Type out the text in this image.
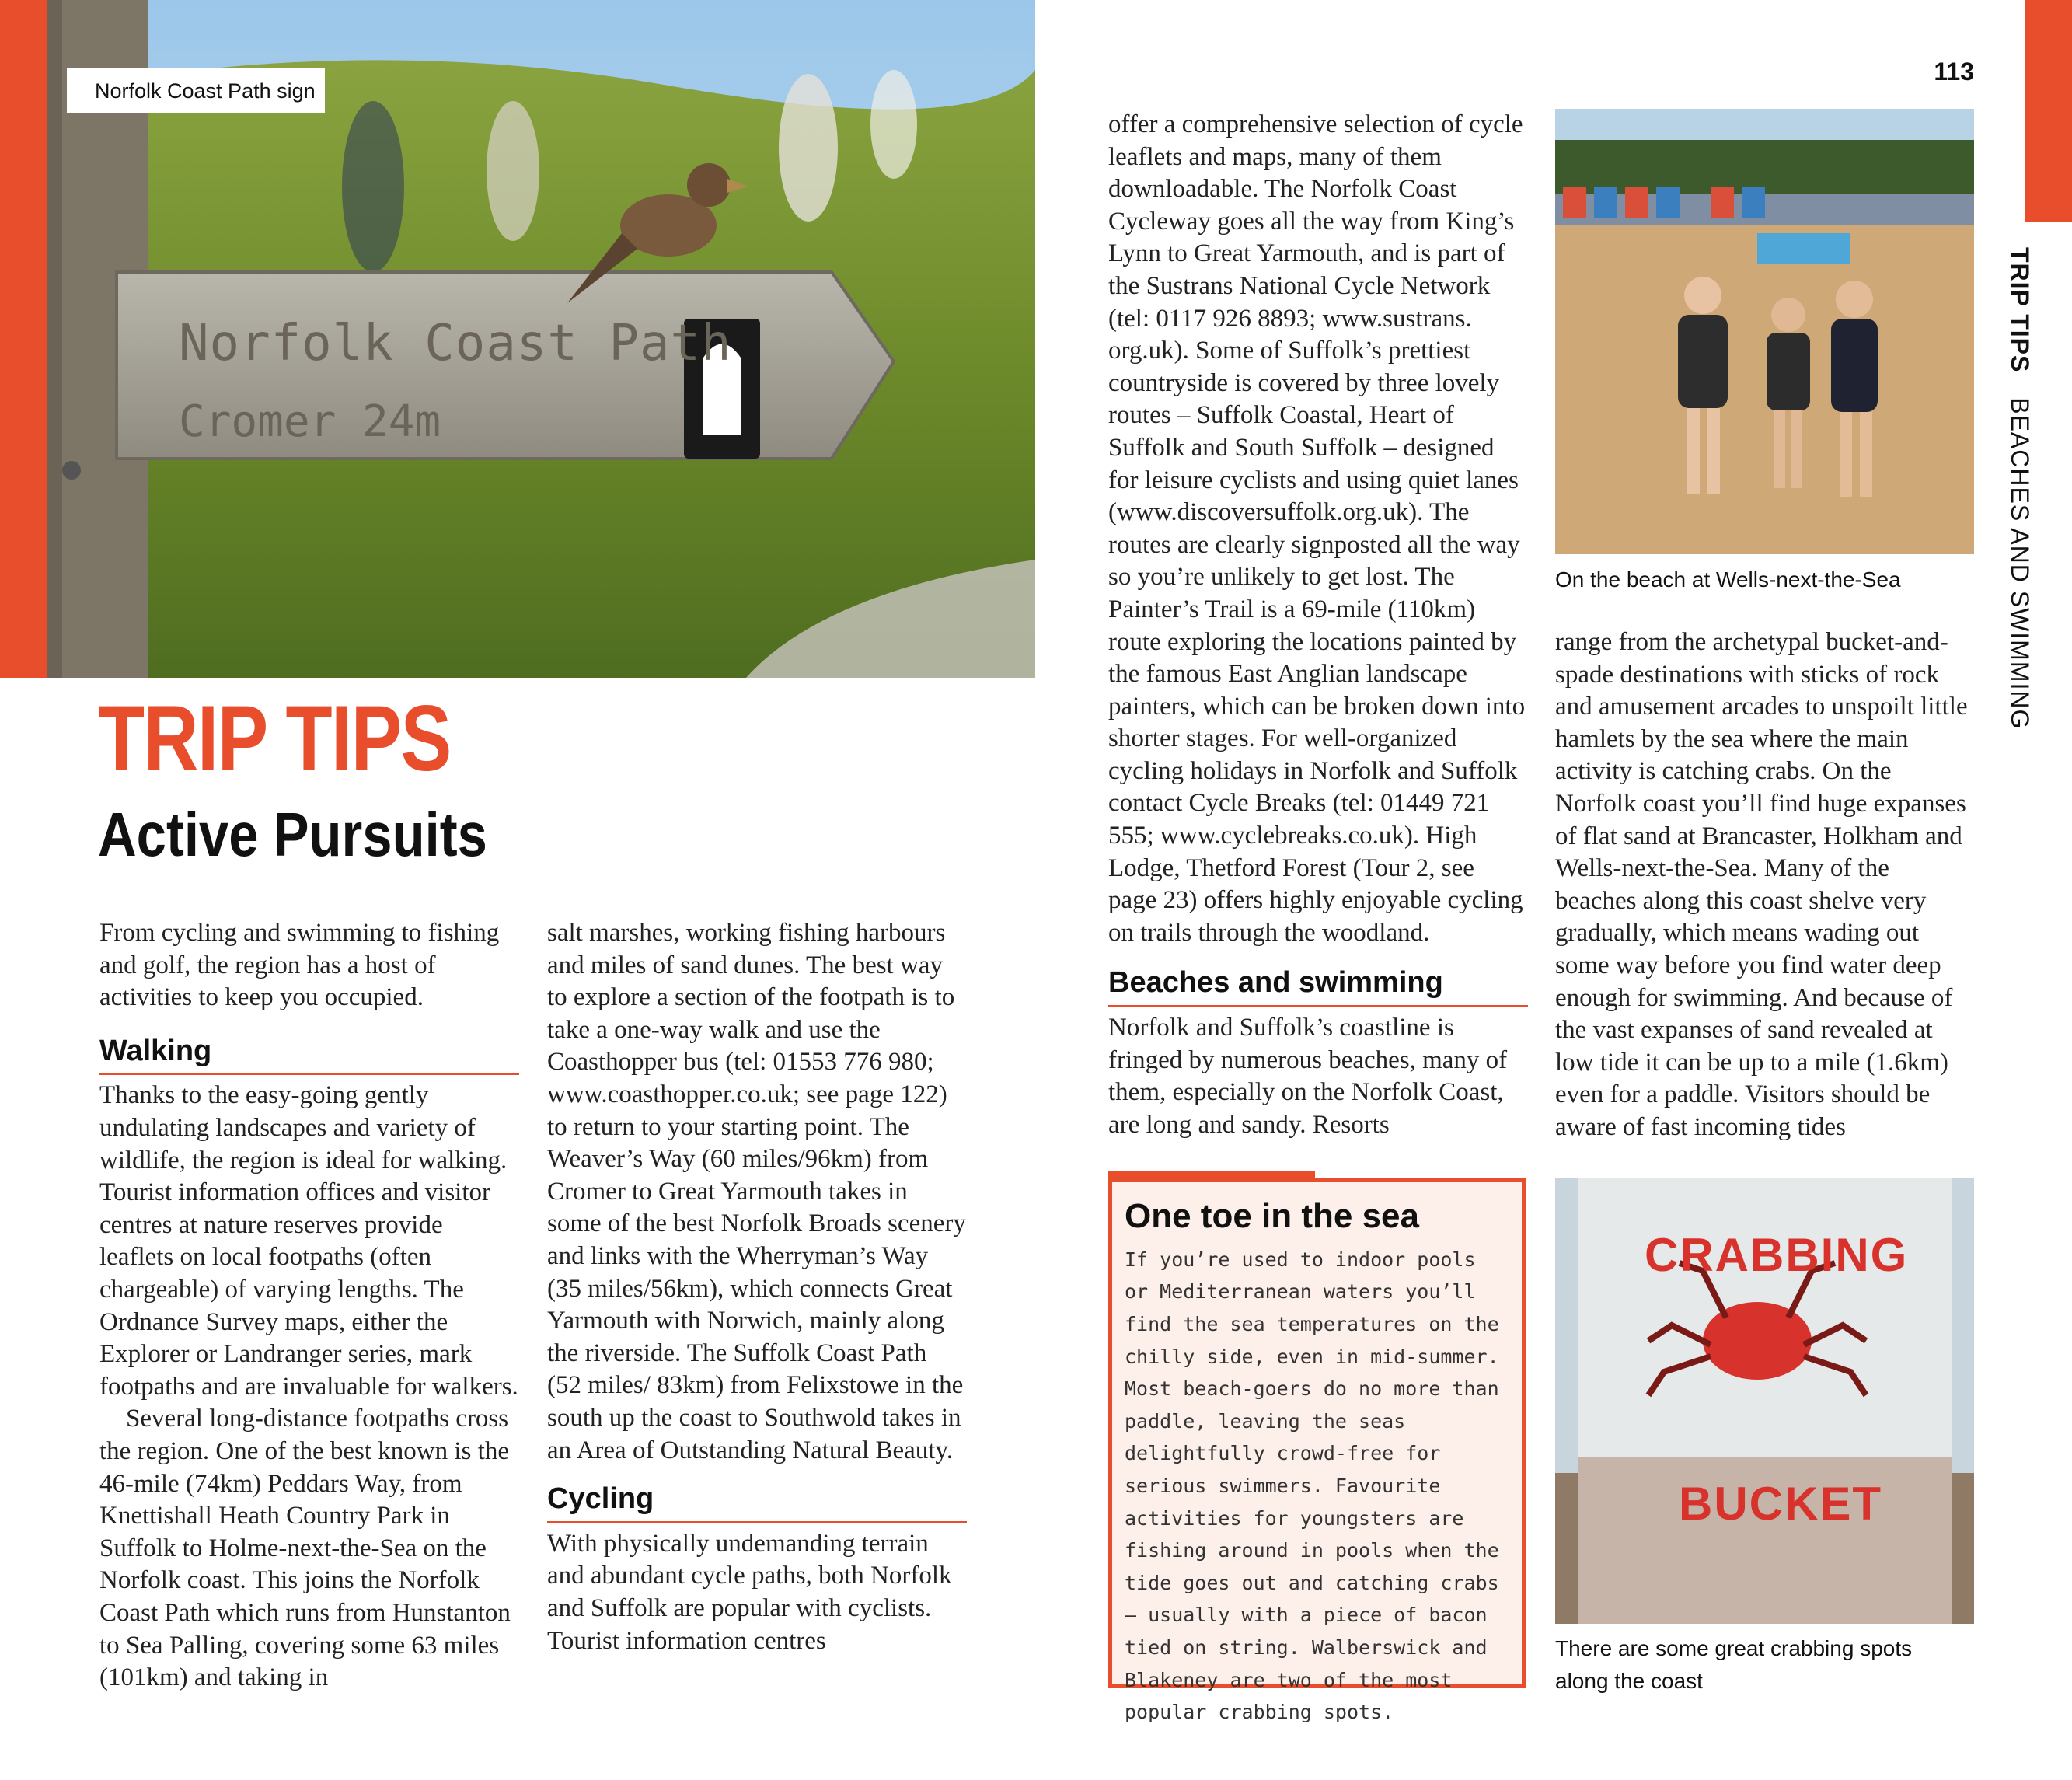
Norfolk Coast Path sign
Norfolk Coast Path
Cromer 24m
113
TRIP TIPS BEACHES AND SWIMMING
TRIP TIPS
Active Pursuits

From cycling and swimming to fishing and golf, the region has a host of activities to keep you occupied.

Walking

Thanks to the easy-going gently undulating landscapes and variety of wildlife, the region is ideal for walking. Tourist information offices and visitor centres at nature reserves provide leaflets on local footpaths (often chargeable) of varying lengths. The Ordnance Survey maps, either the Explorer or Landranger series, mark footpaths and are invaluable for walkers.

Several long-distance footpaths cross the region. One of the best known is the 46-mile (74km) Peddars Way, from Knettishall Heath Country Park in Suffolk to Holme-next-the-Sea on the Norfolk coast. This joins the Norfolk Coast Path which runs from Hunstanton to Sea Palling, covering some 63 miles (101km) and taking in

salt marshes, working fishing harbours and miles of sand dunes. The best way to explore a section of the footpath is to take a one-way walk and use the Coasthopper bus (tel: 01553 776 980; www.coasthopper.co.uk; see page 122) to return to your starting point. The Weaver’s Way (60 miles/96km) from Cromer to Great Yarmouth takes in some of the best Norfolk Broads scenery and links with the Wherryman’s Way (35 miles/56km), which connects Great Yarmouth with Norwich, mainly along the riverside. The Suffolk Coast Path (52 miles/ 83km) from Felixstowe in the south up the coast to Southwold takes in an Area of Outstanding Natural Beauty.

Cycling

With physically undemanding terrain and abundant cycle paths, both Norfolk and Suffolk are popular with cyclists. Tourist information centres

offer a comprehensive selection of cycle leaflets and maps, many of them downloadable. The Norfolk Coast Cycleway goes all the way from King’s Lynn to Great Yarmouth, and is part of the Sustrans National Cycle Network (tel: 0117 926 8893; www.sustrans. org.uk). Some of Suffolk’s prettiest countryside is covered by three lovely routes – Suffolk Coastal, Heart of Suffolk and South Suffolk – designed for leisure cyclists and using quiet lanes (www.discoversuffolk.org.uk). The routes are clearly signposted all the way so you’re unlikely to get lost. The Painter’s Trail is a 69-mile (110km) route exploring the locations painted by the famous East Anglian landscape painters, which can be broken down into shorter stages. For well-organized cycling holidays in Norfolk and Suffolk contact Cycle Breaks (tel: 01449 721 555; www.cyclebreaks.co.uk). High Lodge, Thetford Forest (Tour 2, see page 23) offers highly enjoyable cycling on trails through the woodland.

Beaches and swimming

Norfolk and Suffolk’s coastline is fringed by numerous beaches, many of them, especially on the Norfolk Coast, are long and sandy. Resorts

One toe in the sea
If you’re used to indoor pools or Mediterranean waters you’ll find the sea temperatures on the chilly side, even in mid-summer. Most beach-goers do no more than paddle, leaving the seas delightfully crowd-free for serious swimmers. Favourite activities for youngsters are fishing around in pools when the tide goes out and catching crabs – usually with a piece of bacon tied on string. Walberswick and Blakeney are two of the most popular crabbing spots.
On the beach at Wells-next-the-Sea

range from the archetypal bucket-and-spade destinations with sticks of rock and amusement arcades to unspoilt little hamlets by the sea where the main activity is catching crabs. On the Norfolk coast you’ll find huge expanses of flat sand at Brancaster, Holkham and Wells-next-the-Sea. Many of the beaches along this coast shelve very gradually, which means wading out some way before you find water deep enough for swimming. And because of the vast expanses of sand revealed at low tide it can be up to a mile (1.6km) even for a paddle. Visitors should be aware of fast incoming tides

CRABBING
BUCKET
There are some great crabbing spots along the coast
